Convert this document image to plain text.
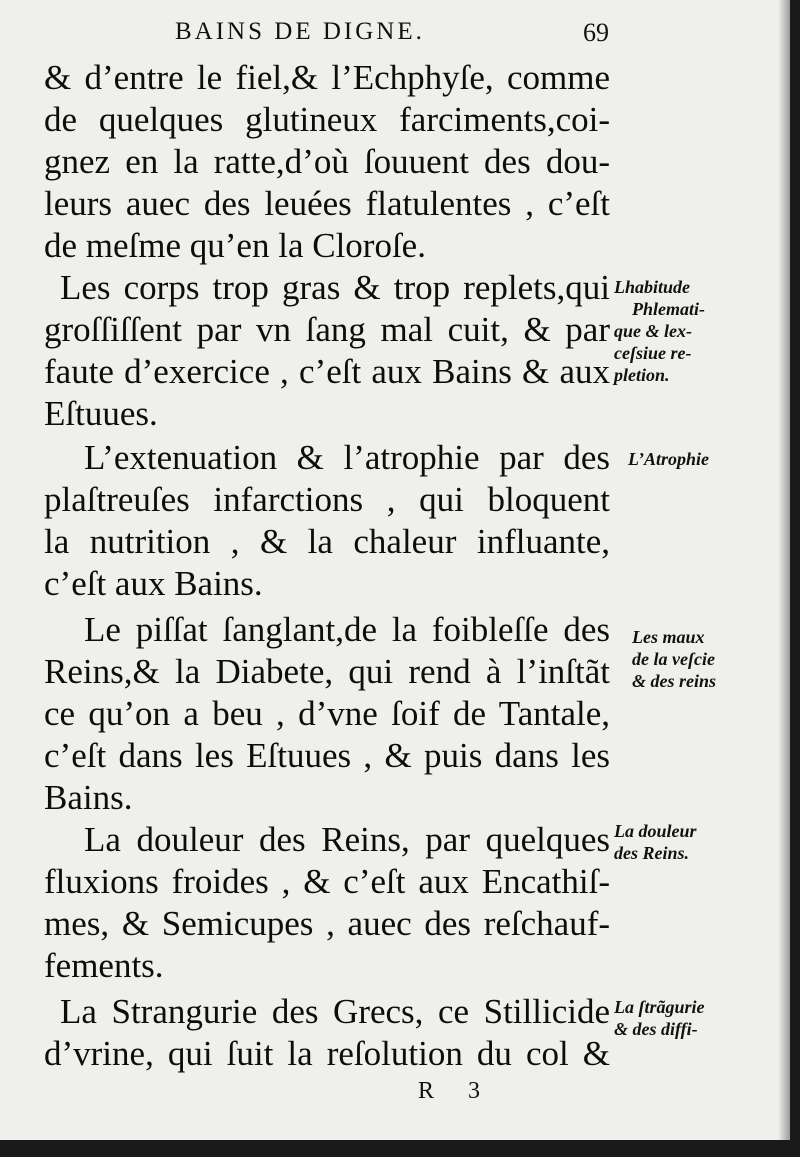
BAINS DE DIGNE.	69
& d’entre le fiel,& l’Echphyſe, comme
de quelques glutineux farciments,coi-
gnez en la ratte,d’où ſouuent des dou-
leurs auec des leuées flatulentes , c’eſt
de meſme qu’en la Cloroſe.
Les corps trop gras & trop replets,qui
groſſiſſent par vn ſang mal cuit, & par
faute d’exercice , c’eſt aux Bains & aux
Eſtuues.
L’extenuation & l’atrophie par des
plaſtreuſes infarctions , qui bloquent
la nutrition , & la chaleur influante,
c’eſt aux Bains.
Le piſſat ſanglant,de la foibleſſe des
Reins,& la Diabete, qui rend à l’inſtãt
ce qu’on a beu , d’vne ſoif de Tantale,
c’eſt dans les Eſtuues , & puis dans les
Bains.
La douleur des Reins, par quelques
fluxions froides , & c’eſt aux Encathiſ-
mes, & Semicupes , auec des reſchauf-
fements.
La Strangurie des Grecs, ce Stillicide
d’vrine, qui ſuit la reſolution du col &
Lhabitude
Phlemati-
que & lex-
ceſsiue re-
pletion.
L’Atrophie
Les maux
de la veſcie
& des reins
La douleur
des Reins.
La ſtrãgurie
& des diffi-
R 3
